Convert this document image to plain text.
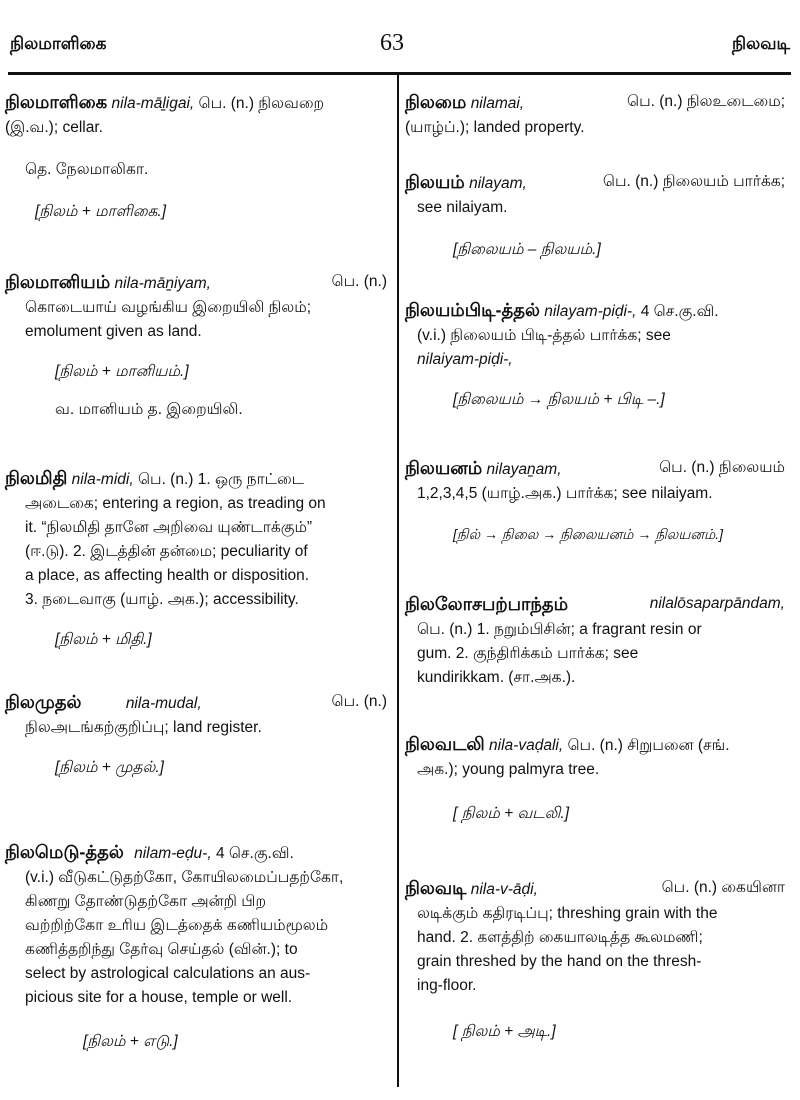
நிலமாளிகை	63	நிலவடி
நிலமாளிகை nila-māḻigai, பெ. (n.) நிலவறை
(இ.வ.); cellar.
தெ. நேலமாலிகா.
[நிலம் + மாளிகை.]
நிலமானியம் nila-māṉiyam,	பெ. (n.)

கொடையாய் வழங்கிய இறையிலி நிலம்;
emolument given as land.
[நிலம் + மானியம்.]
வ. மானியம் த. இறையிலி.
நிலமிதி nila-midi, பெ. (n.) 1. ஒரு நாட்டை
அடைகை; entering a region, as treading on
it. “நிலமிதி தானே அறிவை யுண்டாக்கும்”
(ஈ.டு). 2. இடத்தின் தன்மை; peculiarity of
a place, as affecting health or disposition.
3. நடைவாகு (யாழ். அக.); accessibility.
[நிலம் + மிதி.]
நிலமுதல்	nila-mudal,	பெ. (n.)

நிலஅடங்கற்குறிப்பு; land register.
[நிலம் + முதல்.]
நிலமெடு-த்தல் nilam-eḍu-, 4 செ.கு.வி.
(v.i.) வீடுகட்டுதற்கோ, கோயிலமைப்பதற்கோ,
கிணறு தோண்டுதற்கோ அன்றி பிற
வற்றிற்கோ உரிய இடத்தைக் கணியம்மூலம்
கணித்தறிந்து தேர்வு செய்தல் (வின்.); to
select by astrological calculations an aus-
picious site for a house, temple or well.
[நிலம் + எடு.]
நிலமை nilamai,	பெ. (n.) நிலஉடைமை;

(யாழ்ப்.); landed property.
நிலயம் nilayam,	பெ. (n.) நிலையம் பார்க்க;

see nilaiyam.
[நிலையம் – நிலயம்.]
நிலயம்பிடி-த்தல் nilayam-piḍi-, 4 செ.கு.வி.
(v.i.) நிலையம் பிடி-த்தல் பார்க்க; see
nilaiyam-piḍi-,
[நிலையம் → நிலயம் + பிடி –.]
நிலயனம் nilayaṉam,	பெ. (n.) நிலையம்

1,2,3,4,5 (யாழ்.அக.) பார்க்க; see nilaiyam.
[நில் → நிலை → நிலையனம் → நிலயனம்.]
நிலலோசபற்பாந்தம்	nilalōsaparpāndam,

பெ. (n.) 1. நறும்பிசின்; a fragrant resin or
gum. 2. குந்திரிக்கம் பார்க்க; see
kundirikkam. (சா.அக.).
நிலவடலி nila-vaḍali, பெ. (n.) சிறுபனை (சங்.
அக.); young palmyra tree.
[ நிலம் + வடலி.]
நிலவடி nila-v-āḍi,	பெ. (n.) கையினா

லடிக்கும் கதிரடிப்பு; threshing grain with the
hand. 2. களத்திற் கையாலடித்த கூலமணி;
grain threshed by the hand on the thresh-
ing-floor.
[ நிலம் + அடி.]
